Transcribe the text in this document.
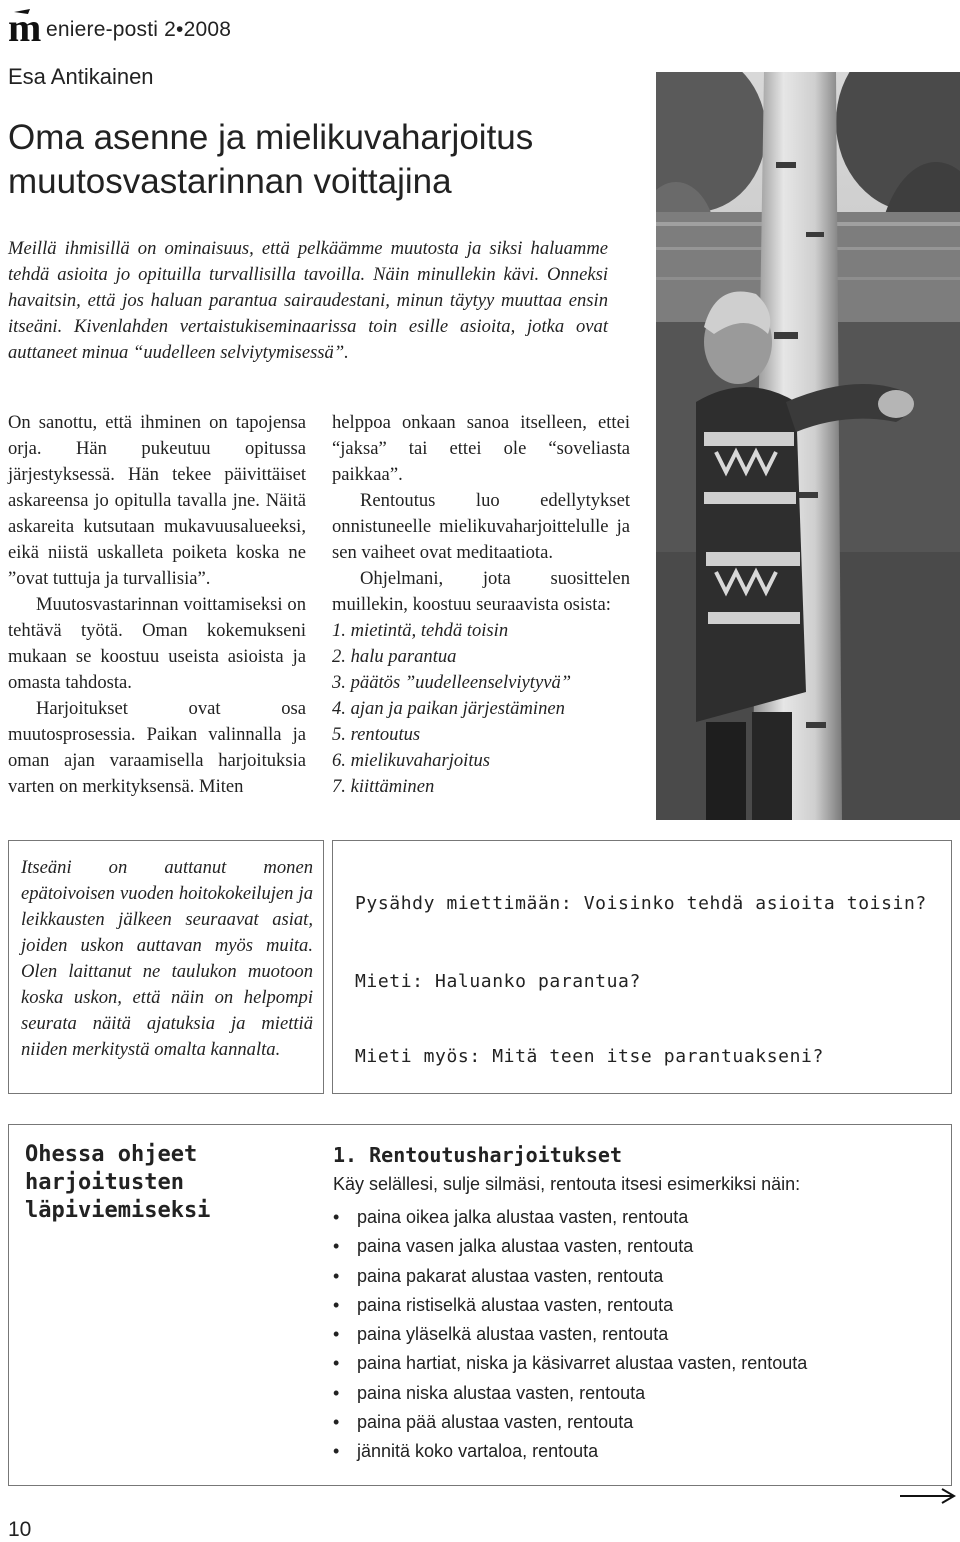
m eniere-posti 2•2008
Esa Antikainen
Oma asenne ja mielikuvaharjoitus
muutosvastarinnan voittajina
Meillä ihmisillä on ominaisuus, että pelkäämme muutosta ja siksi haluamme tehdä asioita jo opituilla turvallisilla tavoilla. Näin minullekin kävi. Onneksi havaitsin, että jos haluan parantua sairaudestani, minun täytyy muuttaa ensin itseäni. Kivenlahden vertaistukiseminaarissa toin esille asioita, jotka ovat auttaneet minua “uudelleen selviytymisessä”.

On sanottu, että ihminen on tapojensa orja. Hän pukeutuu opitussa järjestyksessä. Hän tekee päivittäiset askareensa jo opitulla tavalla jne. Näitä askareita kutsutaan mukavuusalueeksi, eikä niistä uskalleta poiketa koska ne ”ovat tuttuja ja turvallisia”.

Muutosvastarinnan voittamiseksi on tehtävä työtä. Oman kokemukseni mukaan se koostuu useista asioista ja omasta tahdosta.

Harjoitukset ovat osa muutosprosessia. Paikan valinnalla ja oman ajan varaamisella harjoituksia varten on merkityksensä. Miten

helppoa onkaan sanoa itselleen, ettei “jaksa” tai ettei ole “soveliasta paikkaa”.

Rentoutus luo edellytykset onnistuneelle mielikuvaharjoittelulle ja sen vaiheet ovat meditaatiota.

Ohjelmani, jota suosittelen muillekin, koostuu seuraavista osista:

1. mietintä, tehdä toisin
2. halu parantua
3. päätös ”uudelleenselviytyvä”
4. ajan ja paikan järjestäminen
5. rentoutus
6. mielikuvaharjoitus
7. kiittäminen
Itseäni on auttanut monen epätoivoisen vuoden hoitokokeilujen ja leikkausten jälkeen seuraavat asiat, joiden uskon auttavan myös muita. Olen laittanut ne taulukon muotoon koska uskon, että näin on helpompi seurata näitä ajatuksia ja miettіä niiden merkitystä omalta kannalta.
Pysähdy miettimään: Voisinko tehdä asioita toisin?
Mieti: Haluanko parantua?
Mieti myös: Mitä teen itse parantuakseni?
Ohessa ohjeet harjoitusten läpiviemiseksi
1. Rentoutusharjoitukset
Käy selällesi, sulje silmäsi, rentouta itsesi esimerkiksi näin:
• paina oikea jalka alustaa vasten, rentouta
• paina vasen jalka alustaa vasten, rentouta
• paina pakarat alustaa vasten, rentouta
• paina ristiselkä alustaa vasten, rentouta
• paina yläselkä alustaa vasten, rentouta
• paina hartiat, niska ja käsivarret alustaa vasten, rentouta
• paina niska alustaa vasten, rentouta
• paina pää alustaa vasten, rentouta
• jännitä koko vartaloa, rentouta
10
